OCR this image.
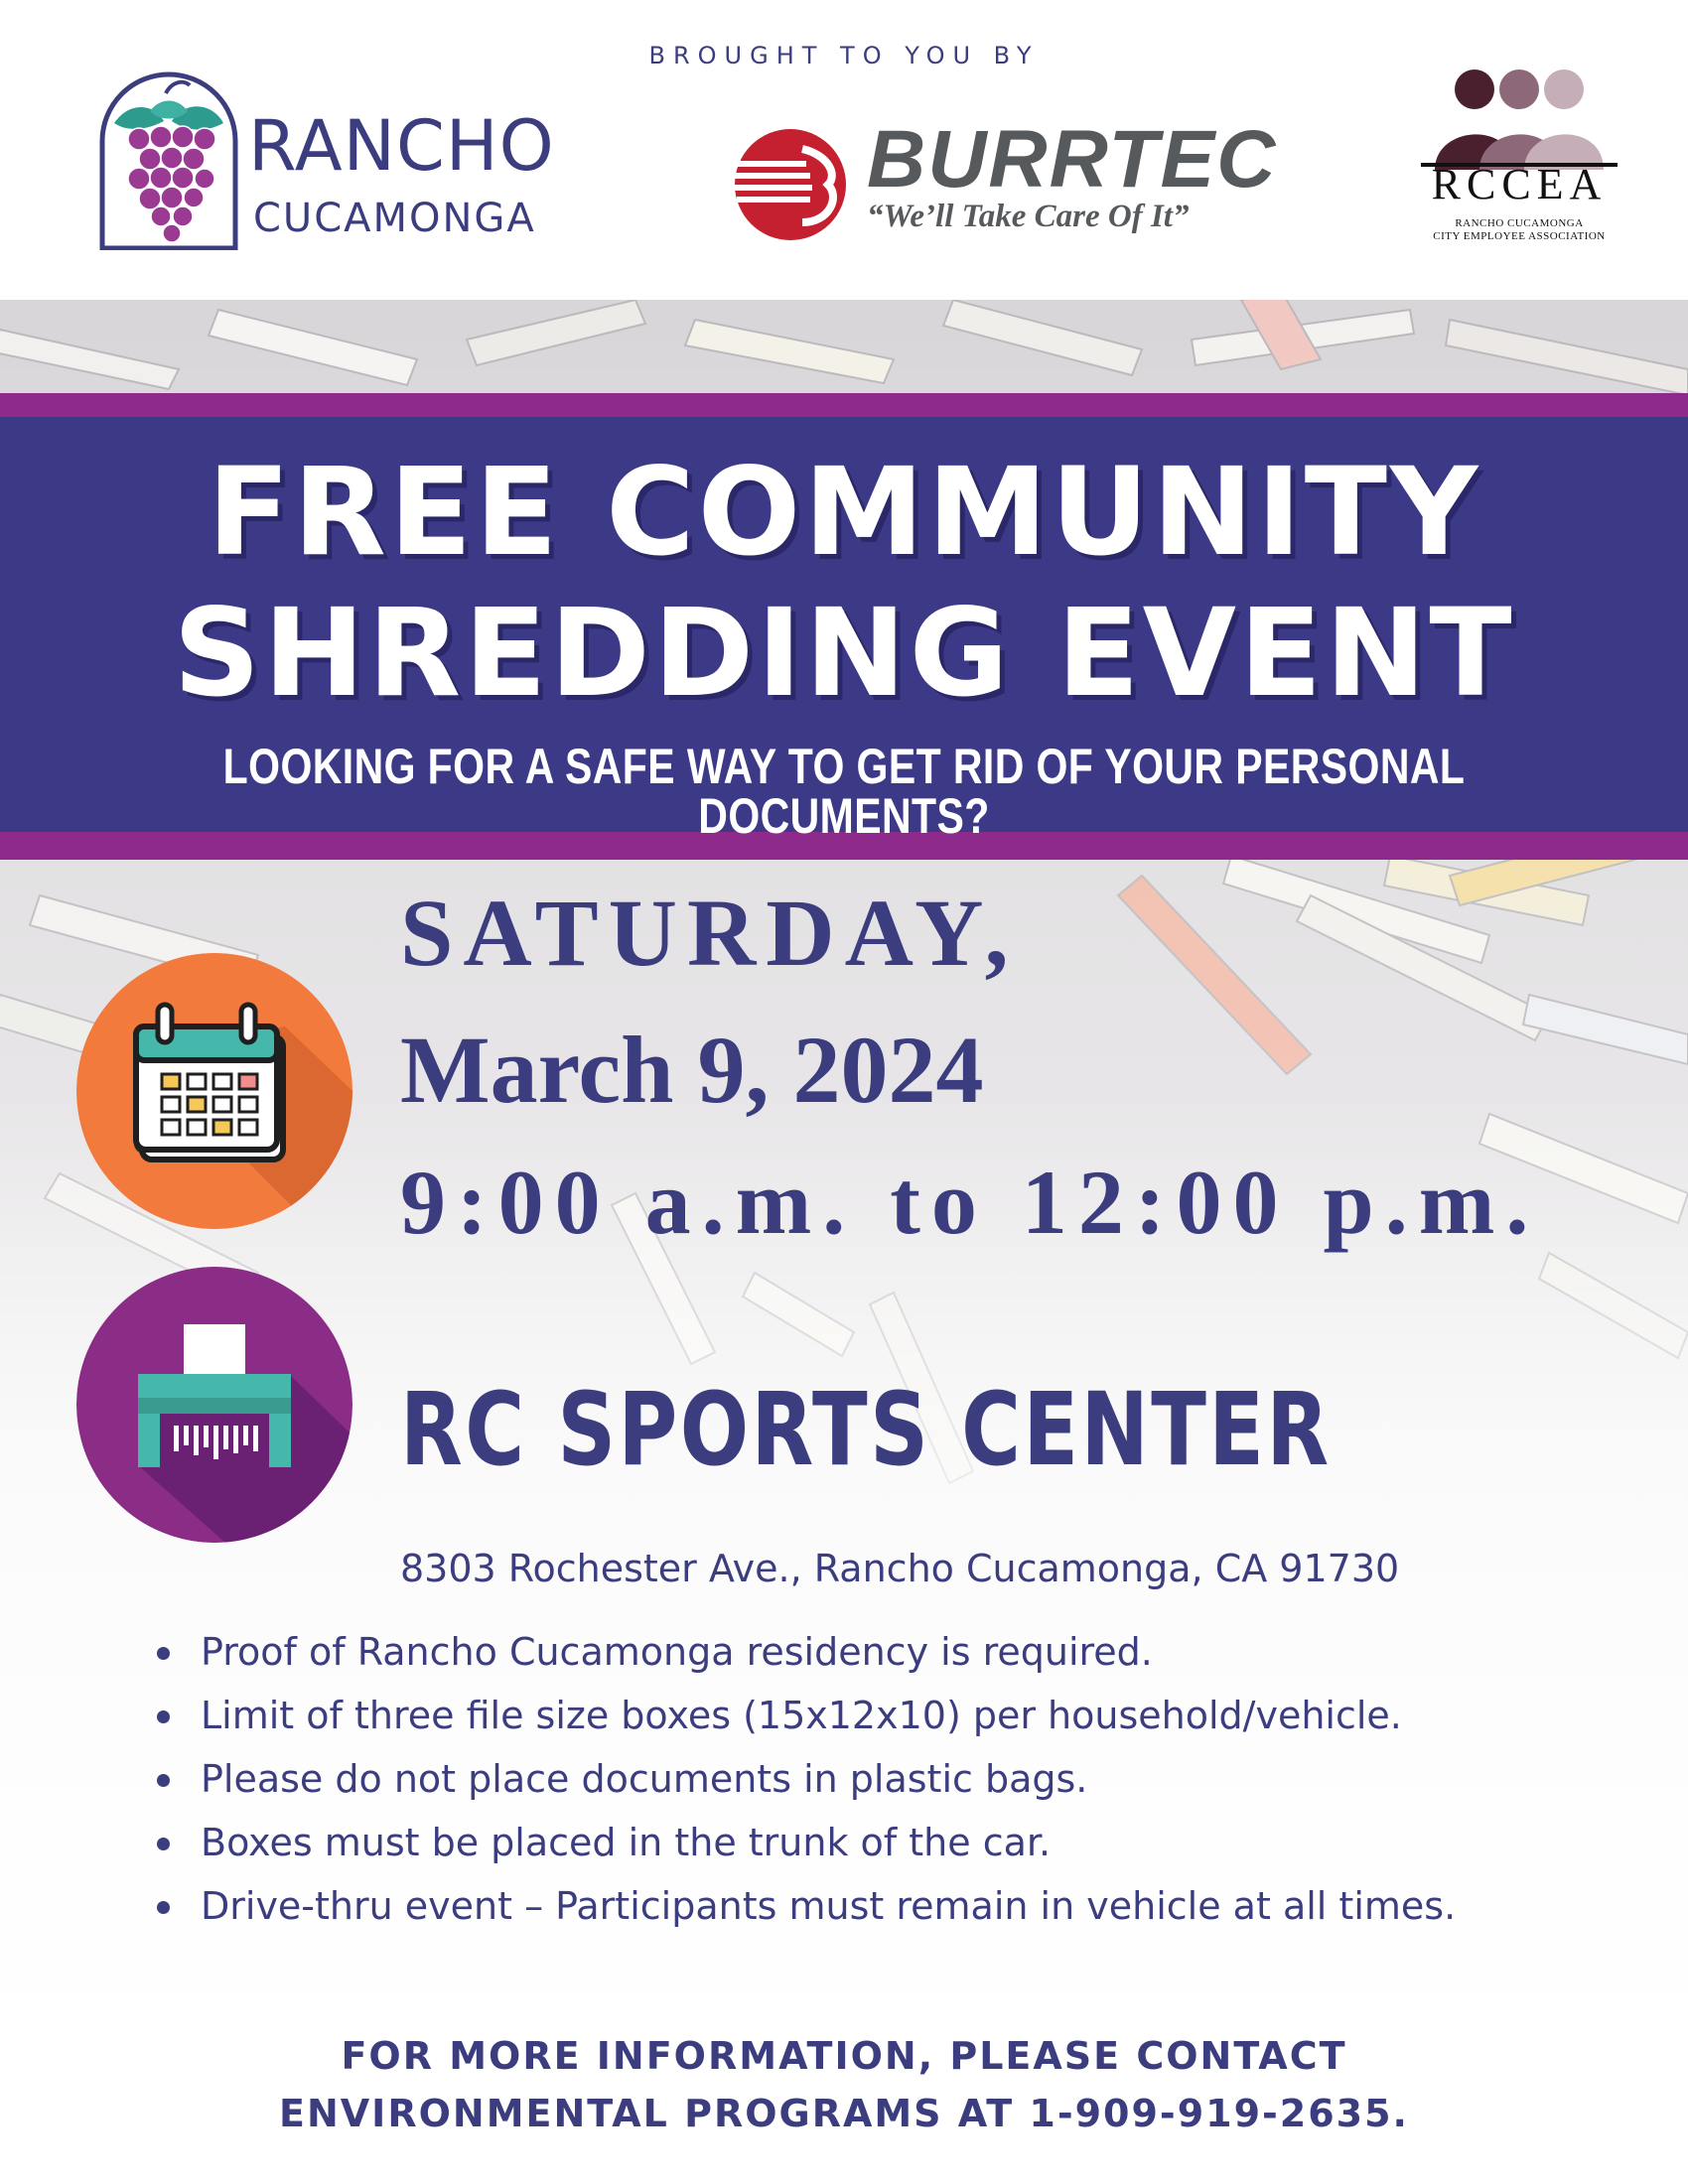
BROUGHT TO YOU BY
RANCHO
CUCAMONGA
BURRTEC
“We’ll Take Care Of It”
RCCEA
RANCHO CUCAMONGA
CITY EMPLOYEE ASSOCIATION
FREE COMMUNITY
SHREDDING EVENT
LOOKING FOR A SAFE WAY TO GET RID OF YOUR PERSONAL DOCUMENTS?
SATURDAY,
March 9, 2024
9:00 a.m. to 12:00 p.m.
RC SPORTS CENTER
8303 Rochester Ave., Rancho Cucamonga, CA 91730
Proof of Rancho Cucamonga residency is required.
Limit of three file size boxes (15x12x10) per household/vehicle.
Please do not place documents in plastic bags.
Boxes must be placed in the trunk of the car.
Drive-thru event – Participants must remain in vehicle at all times.
FOR MORE INFORMATION, PLEASE CONTACT
ENVIRONMENTAL PROGRAMS AT 1-909-919-2635.
